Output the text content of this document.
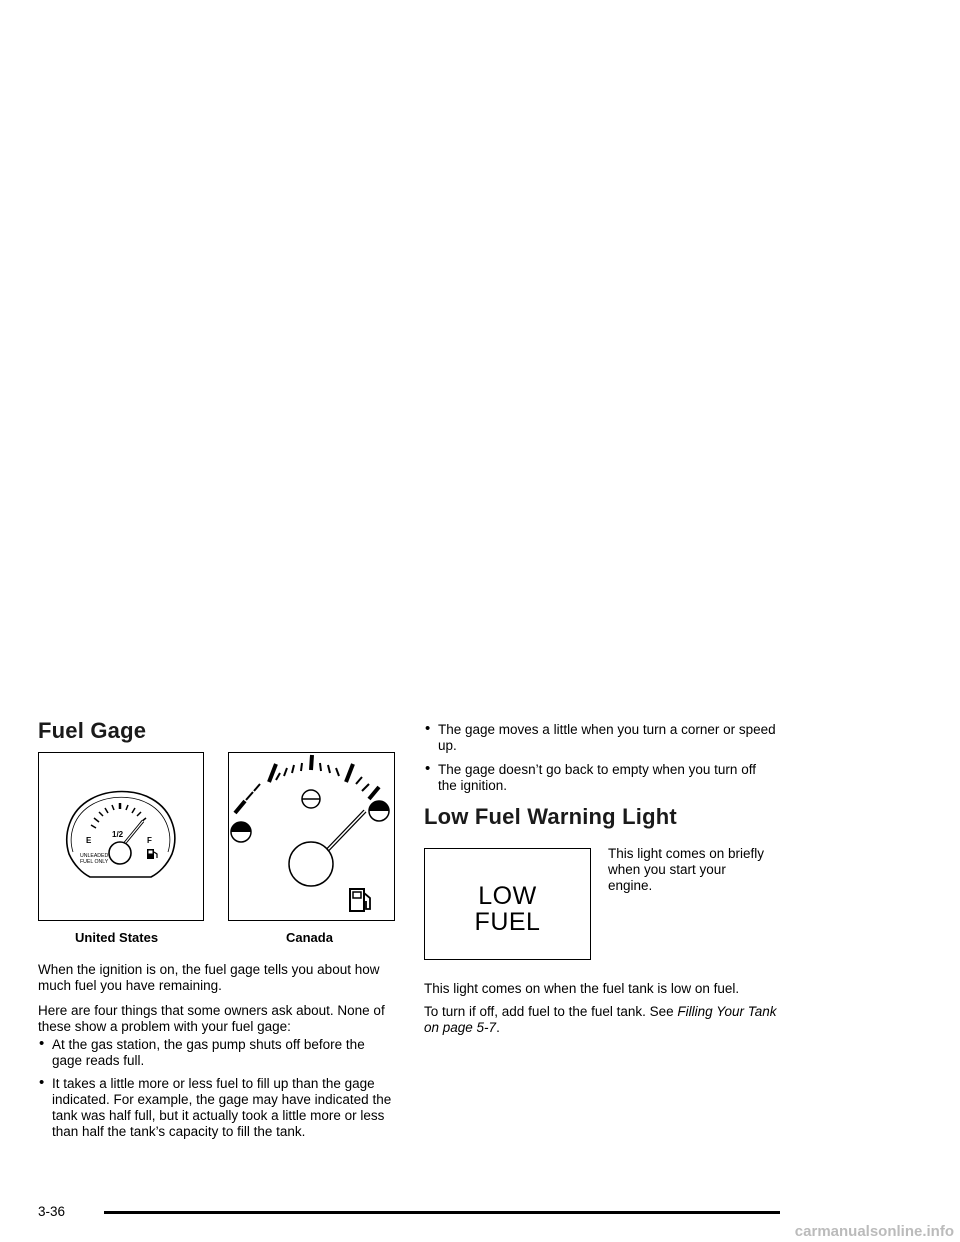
Fuel Gage
E
1/2
F
UNLEADED
FUEL ONLY
United States	Canada

When the ignition is on, the fuel gage tells you about how much fuel you have remaining.

Here are four things that some owners ask about. None of these show a problem with your fuel gage:

• At the gas station, the gas pump shuts off before the gage reads full.
• It takes a little more or less fuel to fill up than the gage indicated. For example, the gage may have indicated the tank was half full, but it actually took a little more or less than half the tank’s capacity to fill the tank.
• The gage moves a little when you turn a corner or speed up.
• The gage doesn’t go back to empty when you turn off the ignition.
Low Fuel Warning Light
LOW
FUEL

This light comes on briefly when you start your engine.

This light comes on when the fuel tank is low on fuel.

To turn if off, add fuel to the fuel tank. See Filling Your Tank on page 5-7.

3-36
carmanualsonline.info
